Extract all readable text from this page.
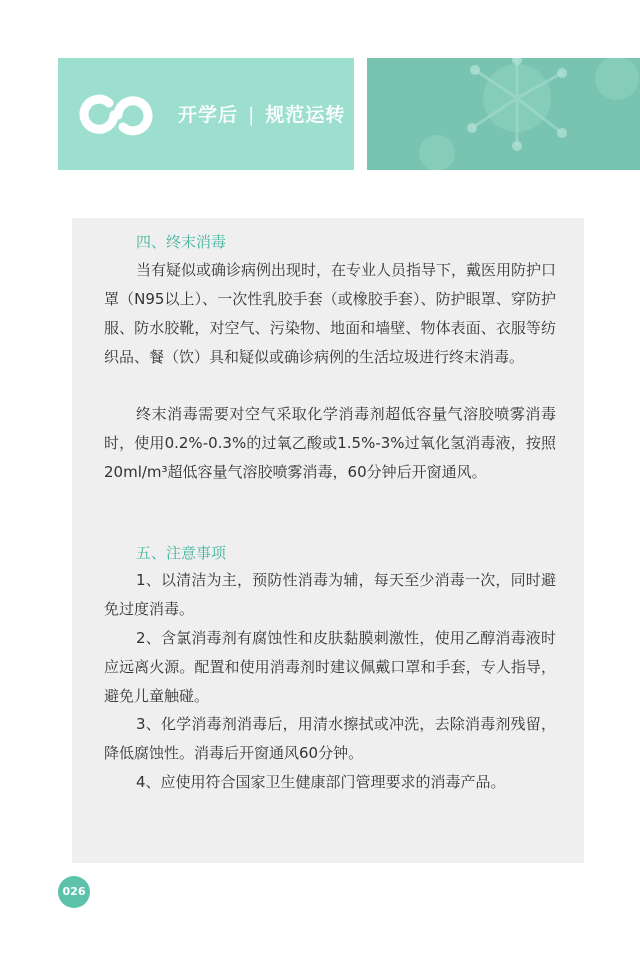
开学后 | 规范运转
四、终末消毒
当有疑似或确诊病例出现时，在专业人员指导下，戴医用防护口罩（N95以上）、一次性乳胶手套（或橡胶手套）、防护眼罩、穿防护服、防水胶靴，对空气、污染物、地面和墙壁、物体表面、衣服等纺织品、餐（饮）具和疑似或确诊病例的生活垃圾进行终末消毒。
终末消毒需要对空气采取化学消毒剂超低容量气溶胶喷雾消毒时，使用0.2%-0.3%的过氧乙酸或1.5%-3%过氧化氢消毒液，按照20ml/m³超低容量气溶胶喷雾消毒，60分钟后开窗通风。
五、注意事项
1、以清洁为主，预防性消毒为辅，每天至少消毒一次，同时避免过度消毒。
2、含氯消毒剂有腐蚀性和皮肤黏膜刺激性，使用乙醇消毒液时应远离火源。配置和使用消毒剂时建议佩戴口罩和手套，专人指导，避免儿童触碰。
3、化学消毒剂消毒后，用清水擦拭或冲洗，去除消毒剂残留，降低腐蚀性。消毒后开窗通风60分钟。
4、应使用符合国家卫生健康部门管理要求的消毒产品。
026
